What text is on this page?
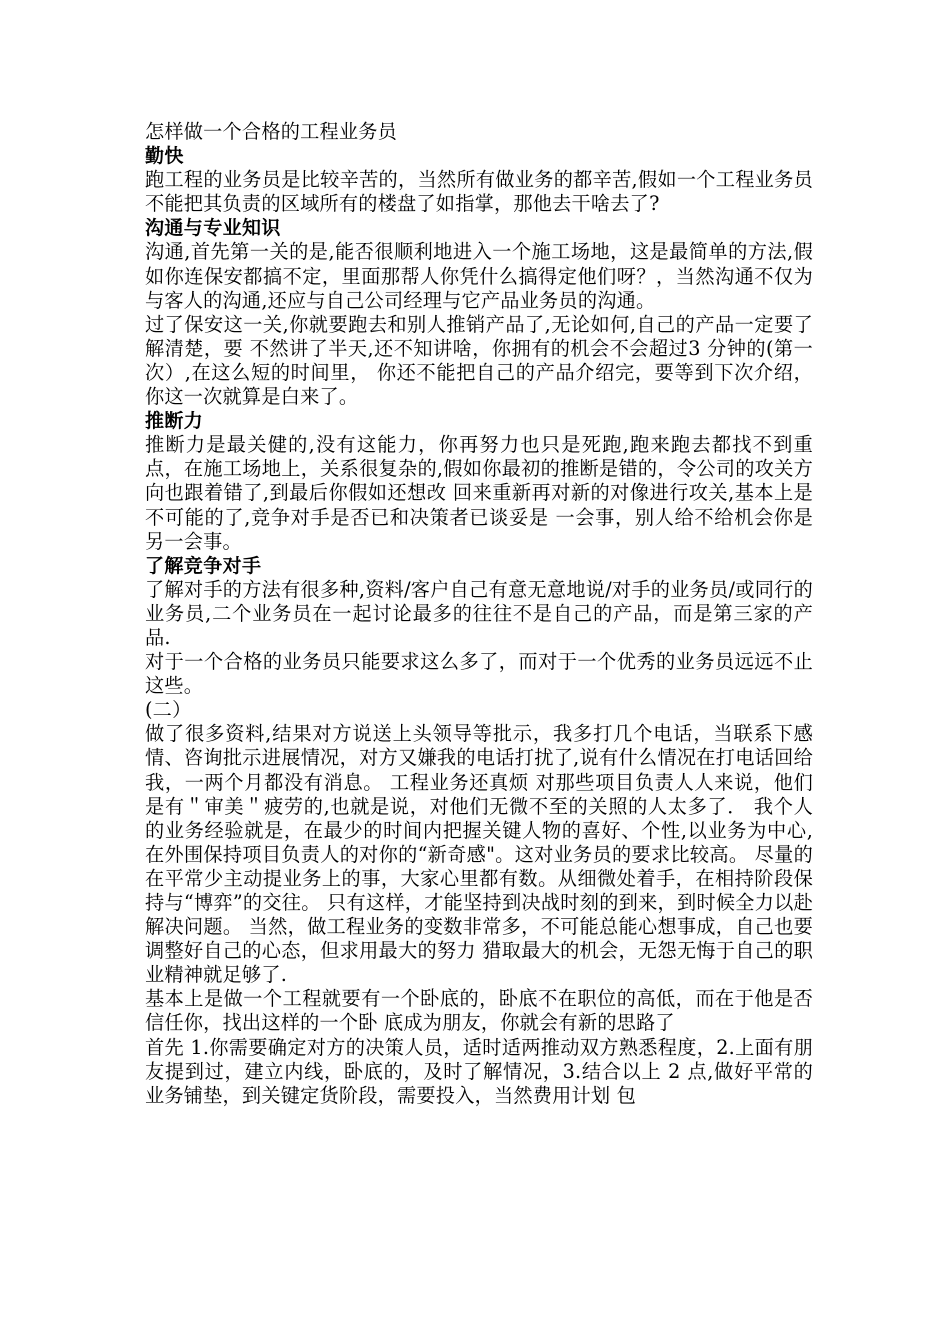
怎样做一个合格的工程业务员

勤快

跑工程的业务员是比较辛苦的，当然所有做业务的都辛苦,假如一个工程业务员不能把其负责的区域所有的楼盘了如指掌，那他去干啥去了?

沟通与专业知识

沟通,首先第一关的是,能否很顺利地进入一个施工场地，这是最简单的方法,假如你连保安都搞不定，里面那帮人你凭什么搞得定他们呀？，当然沟通不仅为与客人的沟通,还应与自己公司经理与它产品业务员的沟通。

过了保安这一关,你就要跑去和别人推销产品了,无论如何,自己的产品一定要了解清楚，要 不然讲了半天,还不知讲啥，你拥有的机会不会超过3 分钟的(第一次）,在这么短的时间里， 你还不能把自己的产品介绍完，要等到下次介绍，你这一次就算是白来了。

推断力

推断力是最关健的,没有这能力，你再努力也只是死跑,跑来跑去都找不到重点，在施工场地上，关系很复杂的,假如你最初的推断是错的，令公司的攻关方向也跟着错了,到最后你假如还想改 回来重新再对新的对像进行攻关,基本上是不可能的了,竞争对手是否已和决策者已谈妥是 一会事，别人给不给机会你是另一会事。

了解竞争对手

了解对手的方法有很多种,资料/客户自己有意无意地说/对手的业务员/或同行的业务员,二个业务员在一起讨论最多的往往不是自己的产品，而是第三家的产品.

对于一个合格的业务员只能要求这么多了，而对于一个优秀的业务员远远不止这些。

(二）

做了很多资料,结果对方说送上头领导等批示，我多打几个电话，当联系下感情、咨询批示进展情况，对方又嫌我的电话打扰了,说有什么情况在打电话回给我，一两个月都没有消息。 工程业务还真烦 对那些项目负责人人来说，他们是有＂审美＂疲劳的,也就是说，对他们无微不至的关照的人太多了． 我个人的业务经验就是，在最少的时间内把握关键人物的喜好、个性,以业务为中心,在外围保持项目负责人的对你的“新奇感"。这对业务员的要求比较高。 尽量的在平常少主动提业务上的事，大家心里都有数。从细微处着手，在相持阶段保持与“博弈”的交往。 只有这样，才能坚持到决战时刻的到来，到时候全力以赴解决问题。 当然，做工程业务的变数非常多，不可能总能心想事成，自己也要调整好自己的心态，但求用最大的努力 猎取最大的机会，无怨无悔于自己的职业精神就足够了.

基本上是做一个工程就要有一个卧底的，卧底不在职位的高低，而在于他是否信任你，找出这样的一个卧 底成为朋友，你就会有新的思路了

首先 1.你需要确定对方的决策人员，适时适两推动双方熟悉程度，2.上面有朋友提到过，建立内线，卧底的，及时了解情况，3.结合以上 2 点,做好平常的业务铺垫，到关键定货阶段，需要投入，当然费用计划 包
